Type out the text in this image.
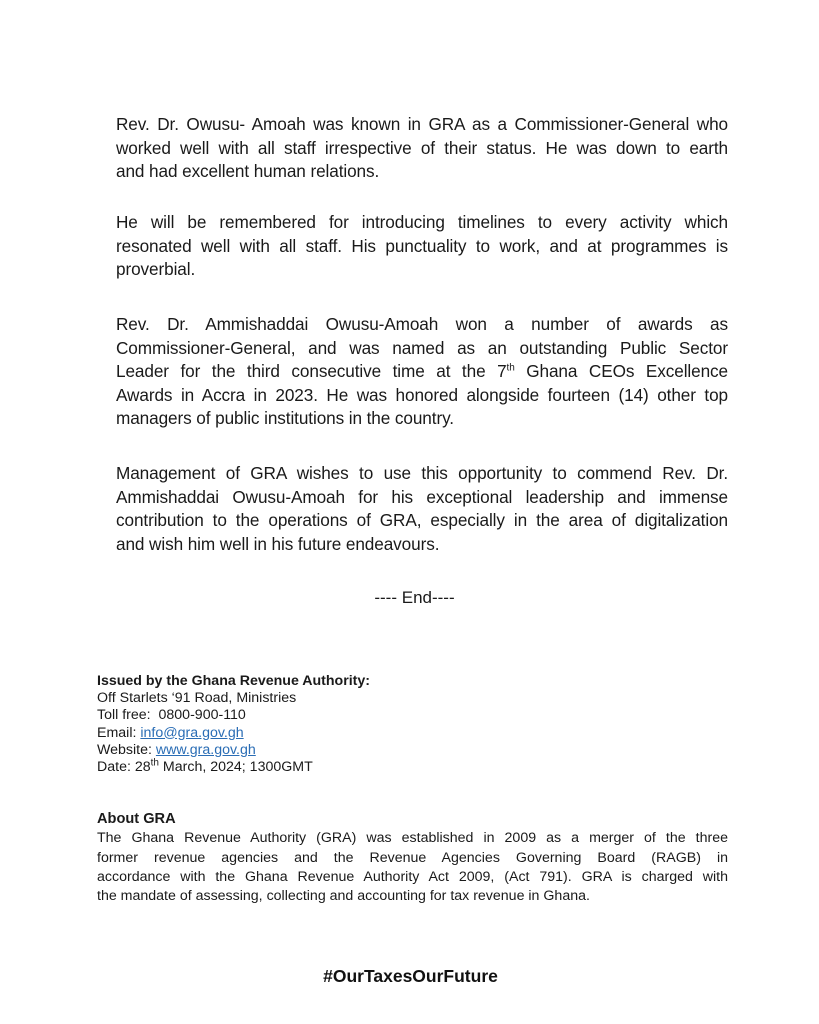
Rev. Dr. Owusu- Amoah was known in GRA as a Commissioner-General who
worked well with all staff irrespective of their status. He was down to earth
and had excellent human relations.

He will be remembered for introducing timelines to every activity which
resonated well with all staff. His punctuality to work, and at programmes is
proverbial.

Rev. Dr. Ammishaddai Owusu-Amoah won a number of awards as
Commissioner-General, and was named as an outstanding Public Sector
Leader for the third consecutive time at the 7th Ghana CEOs Excellence
Awards in Accra in 2023. He was honored alongside fourteen (14) other top
managers of public institutions in the country.

Management of GRA wishes to use this opportunity to commend Rev. Dr.
Ammishaddai Owusu-Amoah for his exceptional leadership and immense
contribution to the operations of GRA, especially in the area of digitalization
and wish him well in his future endeavours.

---- End----
Issued by the Ghana Revenue Authority:
Off Starlets ‘91 Road, Ministries
Toll free:  0800-900-110
Email: info@gra.gov.gh
Website: www.gra.gov.gh
Date: 28th March, 2024; 1300GMT
About GRA
The Ghana Revenue Authority (GRA) was established in 2009 as a merger of the three
former revenue agencies and the Revenue Agencies Governing Board (RAGB) in
accordance with the Ghana Revenue Authority Act 2009, (Act 791). GRA is charged with
the mandate of assessing, collecting and accounting for tax revenue in Ghana.
#OurTaxesOurFuture
